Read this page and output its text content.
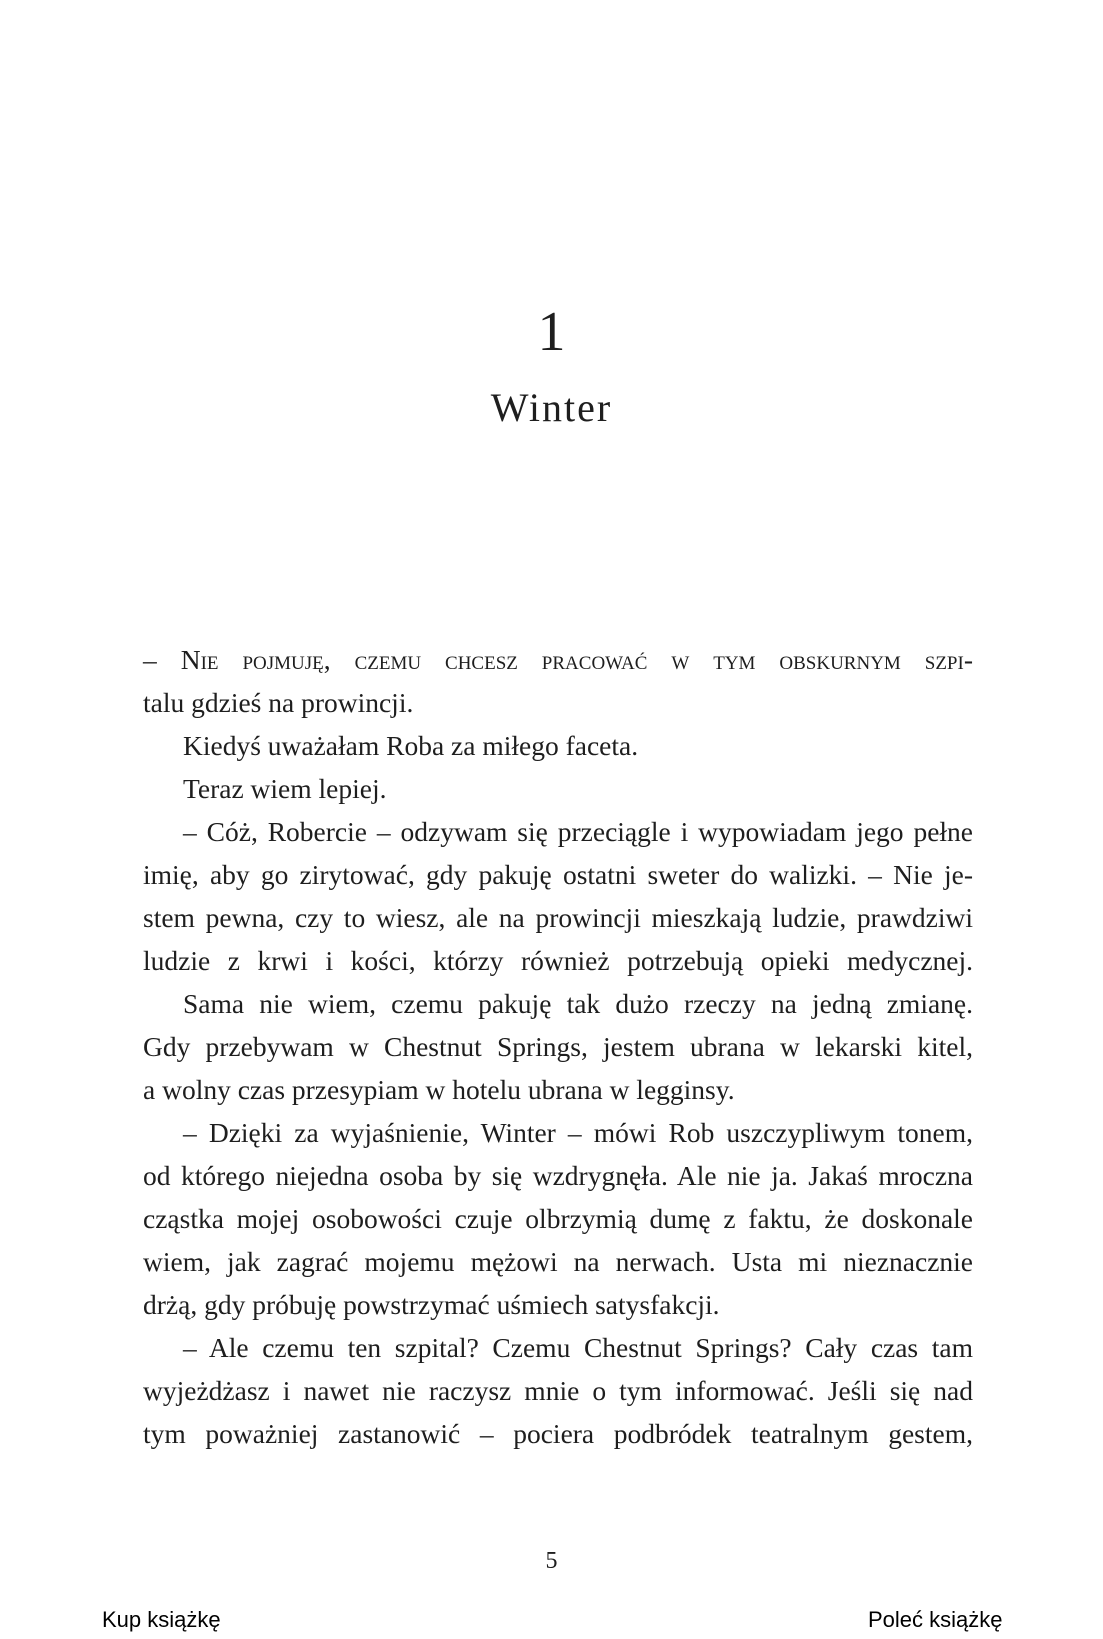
1
Winter
– Nie pojmuję, czemu chcesz pracować w tym obskurnym szpi-
talu gdzieś na prowincji.
Kiedyś uważałam Roba za miłego faceta.
Teraz wiem lepiej.
– Cóż, Robercie – odzywam się przeciągle i wypowiadam jego pełne
imię, aby go zirytować, gdy pakuję ostatni sweter do walizki. – Nie je-
stem pewna, czy to wiesz, ale na prowincji mieszkają ludzie, prawdziwi
ludzie z krwi i kości, którzy również potrzebują opieki medycznej.
Sama nie wiem, czemu pakuję tak dużo rzeczy na jedną zmianę.
Gdy przebywam w Chestnut Springs, jestem ubrana w lekarski kitel,
a wolny czas przesypiam w hotelu ubrana w legginsy.
– Dzięki za wyjaśnienie, Winter – mówi Rob uszczypliwym tonem,
od którego niejedna osoba by się wzdrygnęła. Ale nie ja. Jakaś mroczna
cząstka mojej osobowości czuje olbrzymią dumę z faktu, że doskonale
wiem, jak zagrać mojemu mężowi na nerwach. Usta mi nieznacznie
drżą, gdy próbuję powstrzymać uśmiech satysfakcji.
– Ale czemu ten szpital? Czemu Chestnut Springs? Cały czas tam
wyjeżdżasz i nawet nie raczysz mnie o tym informować. Jeśli się nad
tym poważniej zastanowić – pociera podbródek teatralnym gestem,
5
Kup książkę	Poleć książkę
